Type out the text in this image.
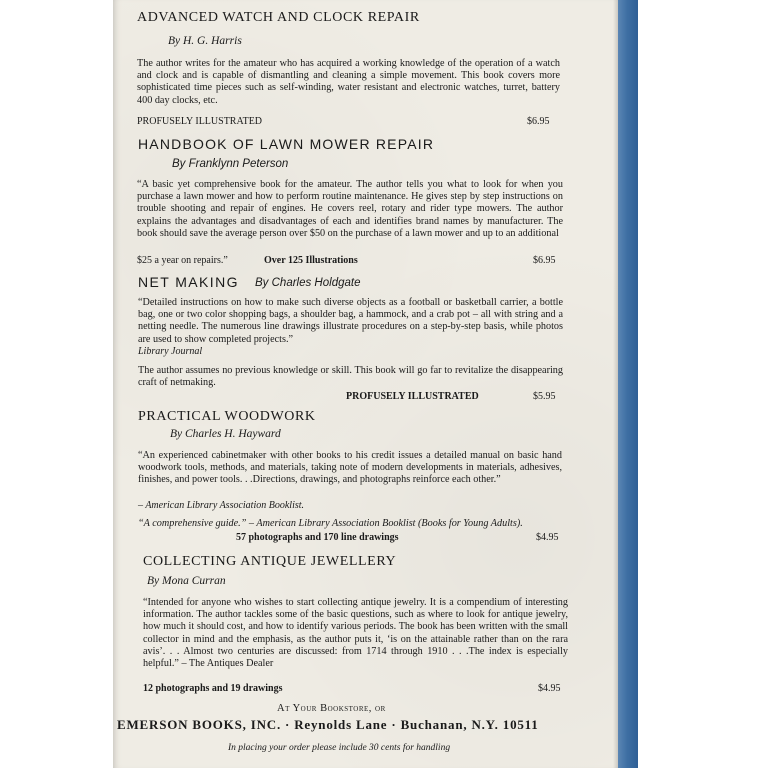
ADVANCED WATCH AND CLOCK REPAIR
By H. G. Harris
The author writes for the amateur who has acquired a working knowledge of the operation of a watch and clock and is capable of dismantling and cleaning a simple movement. This book covers more sophisticated time pieces such as self-winding, water resistant and electronic watches, turret, battery 400 day clocks, etc.
PROFUSELY ILLUSTRATED	$6.95
HANDBOOK OF LAWN MOWER REPAIR
By Franklynn Peterson
“A basic yet comprehensive book for the amateur. The author tells you what to look for when you purchase a lawn mower and how to perform routine maintenance. He gives step by step instructions on trouble shooting and repair of engines. He covers reel, rotary and rider type mowers. The author explains the advantages and disadvantages of each and identifies brand names by manufacturer. The book should save the average person over $50 on the purchase of a lawn mower and up to an additional
$25 a year on repairs.”	Over 125 Illustrations	$6.95
NET MAKING By Charles Holdgate
“Detailed instructions on how to make such diverse objects as a football or basketball carrier, a bottle bag, one or two color shopping bags, a shoulder bag, a hammock, and a crab pot – all with string and a netting needle. The numerous line drawings illustrate procedures on a step-by-step basis, while photos are used to show completed projects.”
Library Journal
The author assumes no previous knowledge or skill. This book will go far to revitalize the disappearing craft of netmaking.
PROFUSELY ILLUSTRATED	$5.95
PRACTICAL WOODWORK
By Charles H. Hayward
“An experienced cabinetmaker with other books to his credit issues a detailed manual on basic hand woodwork tools, methods, and materials, taking note of modern developments in materials, adhesives, finishes, and power tools. . .Directions, drawings, and photographs reinforce each other.”
– American Library Association Booklist.
“A comprehensive guide.” – American Library Association Booklist (Books for Young Adults).
57 photographs and 170 line drawings	$4.95
COLLECTING ANTIQUE JEWELLERY
By Mona Curran
“Intended for anyone who wishes to start collecting antique jewelry. It is a compendium of interesting information. The author tackles some of the basic questions, such as where to look for antique jewelry, how much it should cost, and how to identify various periods. The book has been written with the small collector in mind and the emphasis, as the author puts it, ‘is on the attainable rather than on the rara avis’. . . Almost two centuries are discussed: from 1714 through 1910 . . .The index is especially helpful.” – The Antiques Dealer
12 photographs and 19 drawings	$4.95
At Your Bookstore, or
EMERSON BOOKS, INC. · Reynolds Lane · Buchanan, N.Y. 10511
In placing your order please include 30 cents for handling
